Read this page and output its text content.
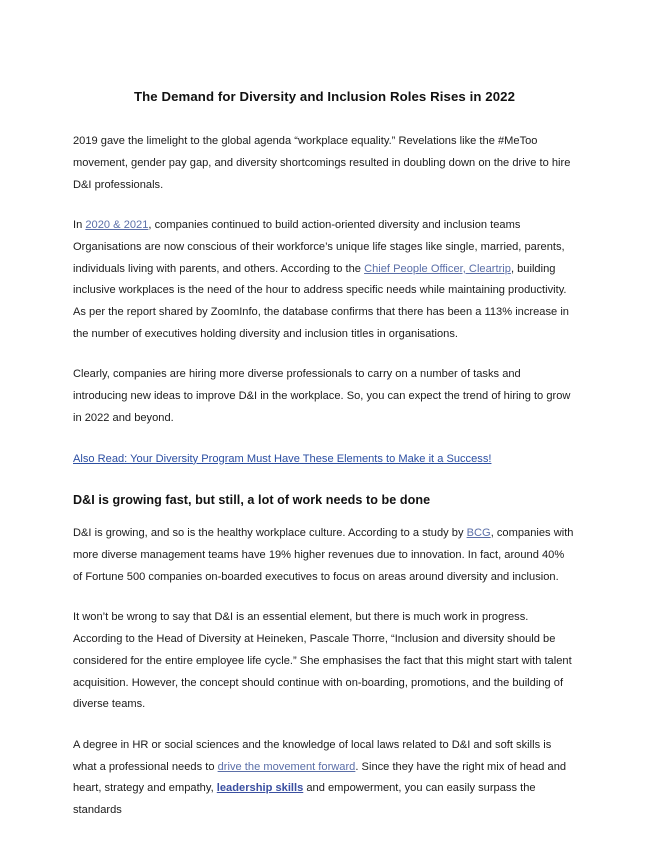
The Demand for Diversity and Inclusion Roles Rises in 2022

2019 gave the limelight to the global agenda “workplace equality.” Revelations like the #MeToo movement, gender pay gap, and diversity shortcomings resulted in doubling down on the drive to hire D&I professionals.

In 2020 & 2021, companies continued to build action-oriented diversity and inclusion teams Organisations are now conscious of their workforce’s unique life stages like single, married, parents, individuals living with parents, and others. According to the Chief People Officer, Cleartrip, building inclusive workplaces is the need of the hour to address specific needs while maintaining productivity. As per the report shared by ZoomInfo, the database confirms that there has been a 113% increase in the number of executives holding diversity and inclusion titles in organisations.

Clearly, companies are hiring more diverse professionals to carry on a number of tasks and introducing new ideas to improve D&I in the workplace. So, you can expect the trend of hiring to grow in 2022 and beyond.

Also Read: Your Diversity Program Must Have These Elements to Make it a Success!

D&I is growing fast, but still, a lot of work needs to be done

D&I is growing, and so is the healthy workplace culture. According to a study by BCG, companies with more diverse management teams have 19% higher revenues due to innovation. In fact, around 40% of Fortune 500 companies on-boarded executives to focus on areas around diversity and inclusion.

It won’t be wrong to say that D&I is an essential element, but there is much work in progress. According to the Head of Diversity at Heineken, Pascale Thorre, “Inclusion and diversity should be considered for the entire employee life cycle.” She emphasises the fact that this might start with talent acquisition. However, the concept should continue with on-boarding, promotions, and the building of diverse teams.

A degree in HR or social sciences and the knowledge of local laws related to D&I and soft skills is what a professional needs to drive the movement forward. Since they have the right mix of head and heart, strategy and empathy, leadership skills and empowerment, you can easily surpass the standards
